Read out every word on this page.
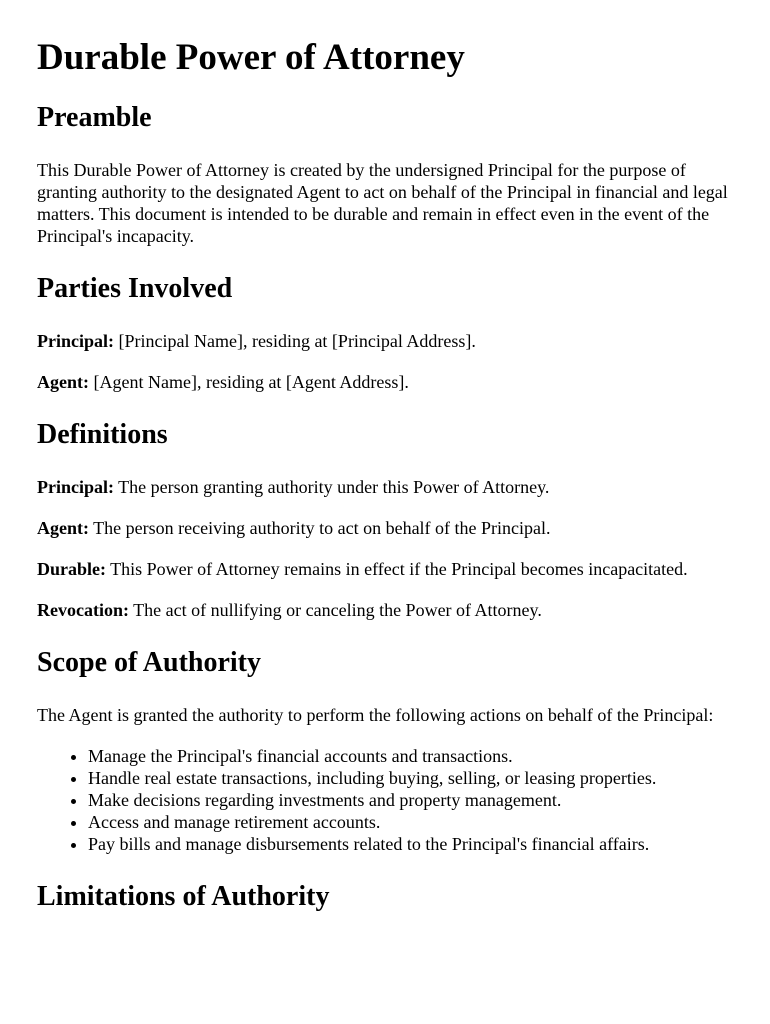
Durable Power of Attorney
Preamble

This Durable Power of Attorney is created by the undersigned Principal for the purpose of granting authority to the designated Agent to act on behalf of the Principal in financial and legal matters. This document is intended to be durable and remain in effect even in the event of the Principal's incapacity.

Parties Involved

Principal: [Principal Name], residing at [Principal Address].

Agent: [Agent Name], residing at [Agent Address].

Definitions

Principal: The person granting authority under this Power of Attorney.

Agent: The person receiving authority to act on behalf of the Principal.

Durable: This Power of Attorney remains in effect if the Principal becomes incapacitated.

Revocation: The act of nullifying or canceling the Power of Attorney.

Scope of Authority

The Agent is granted the authority to perform the following actions on behalf of the Principal:

• Manage the Principal's financial accounts and transactions.
• Handle real estate transactions, including buying, selling, or leasing properties.
• Make decisions regarding investments and property management.
• Access and manage retirement accounts.
• Pay bills and manage disbursements related to the Principal's financial affairs.
Limitations of Authority
